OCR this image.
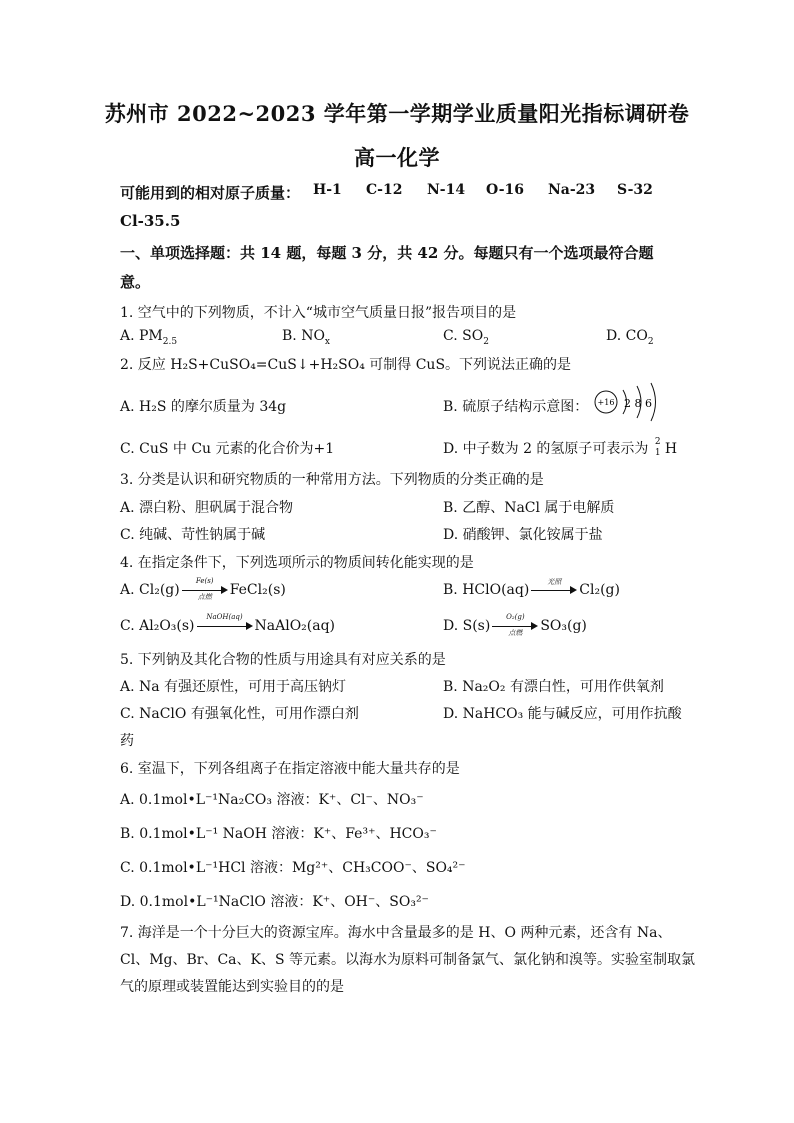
苏州市 2022~2023 学年第一学期学业质量阳光指标调研卷
高一化学
可能用到的相对原子质量： H-1 C-12 N-14 O-16 Na-23 S-32
Cl-35.5
一、单项选择题：共 14 题，每题 3 分，共 42 分。每题只有一个选项最符合题
意。
1. 空气中的下列物质，不计入“城市空气质量日报”报告项目的是
A. $PM_{2.5}$	B. $NO_x$	C. $SO_2$	D. $CO_2$
2. 反应 H₂S+CuSO₄=CuS↓+H₂SO₄ 可制得 CuS。下列说法正确的是
A. H₂S 的摩尔质量为 34g	B. 硫原子结构示意图： +16 2 8 6
C. CuS 中 Cu 元素的化合价为+1	D. 中子数为 2 的氢原子可表示为 2
1 H
3. 分类是认识和研究物质的一种常用方法。下列物质的分类正确的是
A. 漂白粉、胆矾属于混合物	B. 乙醇、NaCl 属于电解质
C. 纯碱、苛性钠属于碱	D. 硝酸钾、氯化铵属于盐
4. 在指定条件下，下列选项所示的物质间转化能实现的是
A. Cl₂(g)
Fe(s)
点燃	FeCl₂(s)	B. HClO(aq)	光照	Cl₂(g)
C. Al₂O₃(s)
NaOH(aq)
NaAlO₂(aq)	D. S(s)
O₂(g)
点燃	SO₃(g)
5. 下列钠及其化合物的性质与用途具有对应关系的是
A. Na 有强还原性，可用于高压钠灯	B. Na₂O₂ 有漂白性，可用作供氧剂
C. NaClO 有强氧化性，可用作漂白剂	D. NaHCO₃ 能与碱反应，可用作抗酸
药
6. 室温下，下列各组离子在指定溶液中能大量共存的是
A. 0.1mol•L⁻¹Na₂CO₃ 溶液：K⁺、Cl⁻、NO₃⁻
B. 0.1mol•L⁻¹ NaOH 溶液：K⁺、Fe³⁺、HCO₃⁻
C. 0.1mol•L⁻¹HCl 溶液：Mg²⁺、CH₃COO⁻、SO₄²⁻
D. 0.1mol•L⁻¹NaClO 溶液：K⁺、OH⁻、SO₃²⁻
7. 海洋是一个十分巨大的资源宝库。海水中含量最多的是 H、O 两种元素，还含有 Na、
Cl、Mg、Br、Ca、K、S 等元素。以海水为原料可制备氯气、氯化钠和溴等。实验室制取氯
气的原理或装置能达到实验目的的是
